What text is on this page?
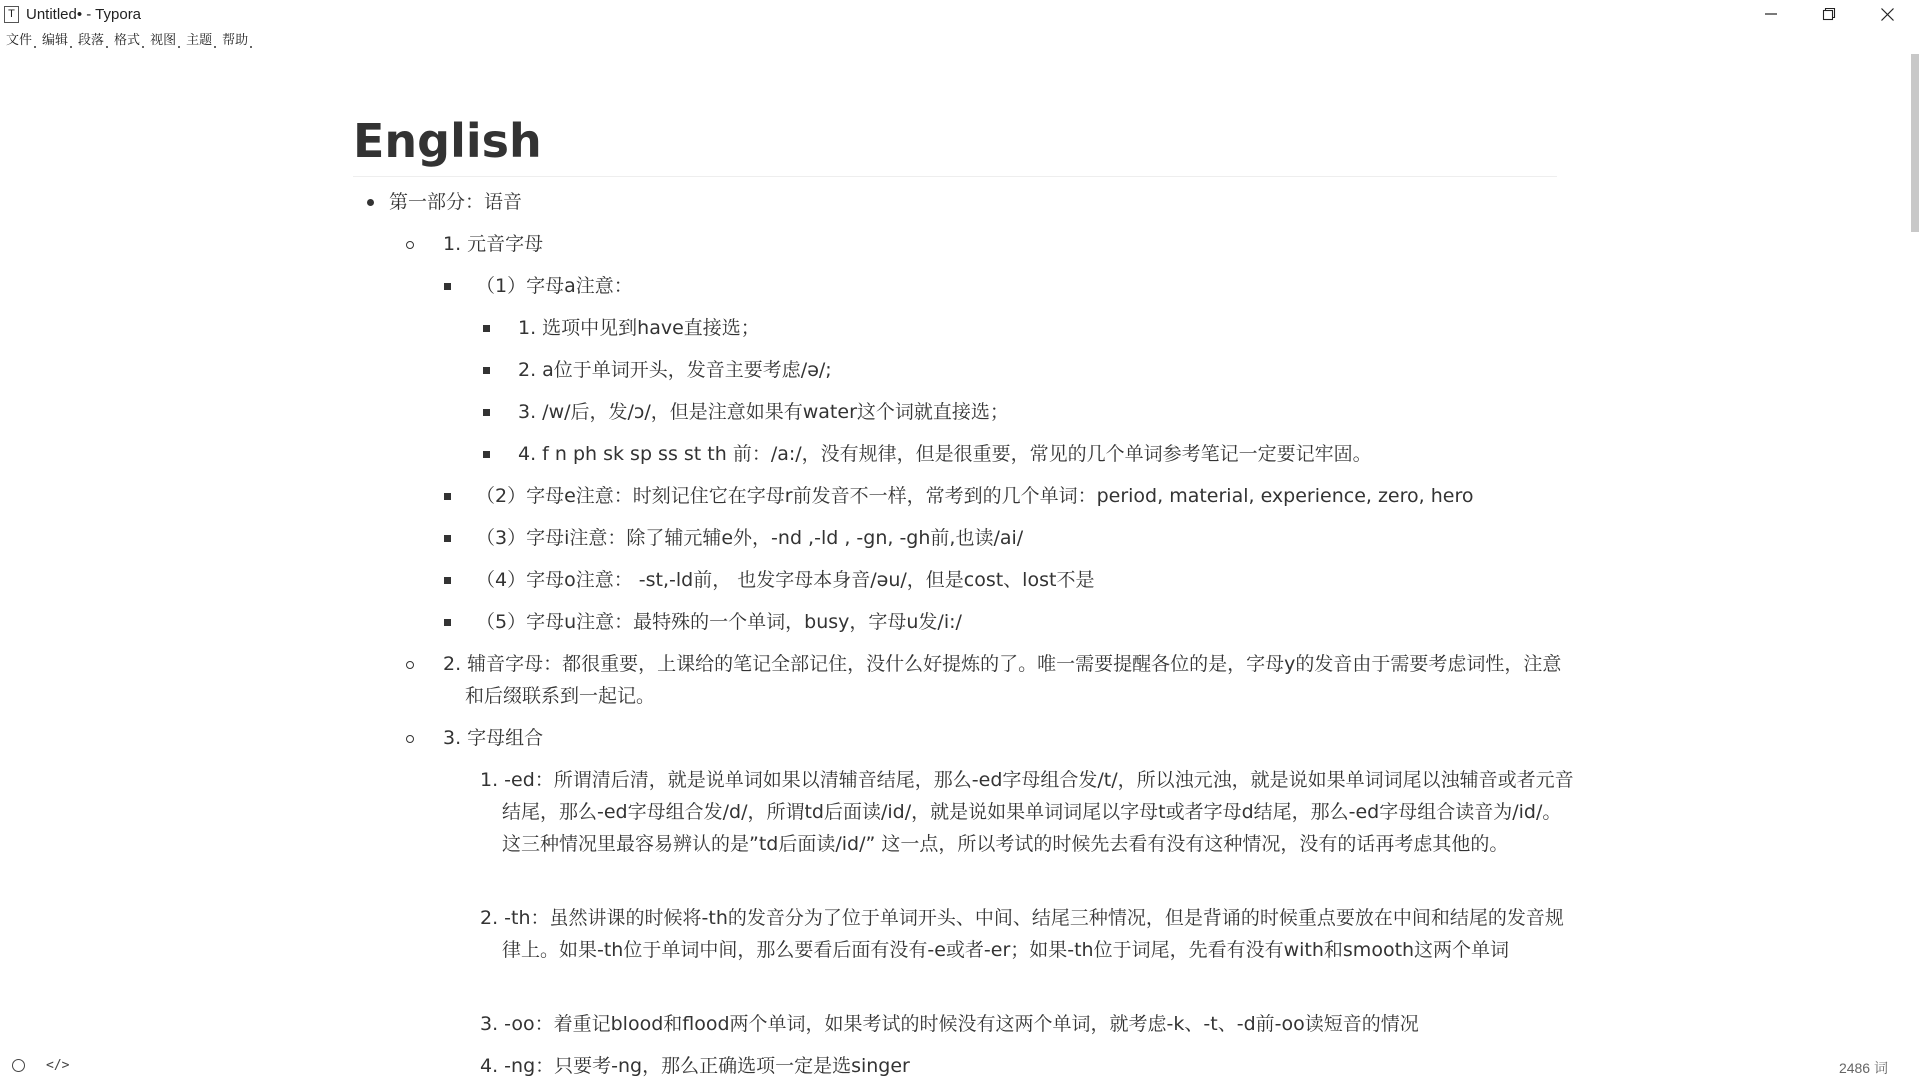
T Untitled• - Typora
文件 编辑 段落 格式 视图 主题 帮助
English
第一部分：语音
1. 元音字母
（1）字母a注意：
1. 选项中见到have直接选；
2. a位于单词开头，发音主要考虑/ə/;
3. /w/后，发/ɔ/，但是注意如果有water这个词就直接选；
4. f n ph sk sp ss st th 前：/a:/，没有规律，但是很重要，常见的几个单词参考笔记一定要记牢固。
（2）字母e注意：时刻记住它在字母r前发音不一样，常考到的几个单词：period, material, experience, zero, hero
（3）字母i注意：除了辅元辅e外，-nd ,-ld , -gn, -gh前,也读/ai/
（4）字母o注意： -st,-ld前， 也发字母本身音/əu/，但是cost、lost不是
（5）字母u注意：最特殊的一个单词，busy，字母u发/i:/
2. 辅音字母：都很重要，上课给的笔记全部记住，没什么好提炼的了。唯一需要提醒各位的是，字母y的发音由于需要考虑词性，注意和后缀联系到一起记。
3. 字母组合
1. -ed：所谓清后清，就是说单词如果以清辅音结尾，那么-ed字母组合发/t/，所以浊元浊，就是说如果单词词尾以浊辅音或者元音结尾，那么-ed字母组合发/d/，所谓td后面读/id/，就是说如果单词词尾以字母t或者字母d结尾，那么-ed字母组合读音为/id/。这三种情况里最容易辨认的是”td后面读/id/” 这一点，所以考试的时候先去看有没有这种情况，没有的话再考虑其他的。
2. -th：虽然讲课的时候将-th的发音分为了位于单词开头、中间、结尾三种情况，但是背诵的时候重点要放在中间和结尾的发音规律上。如果-th位于单词中间，那么要看后面有没有-e或者-er；如果-th位于词尾，先看有没有with和smooth这两个单词
3. -oo：着重记blood和flood两个单词，如果考试的时候没有这两个单词，就考虑-k、-t、-d前-oo读短音的情况
4. -ng：只要考-ng，那么正确选项一定是选singer
</>	2486 词
